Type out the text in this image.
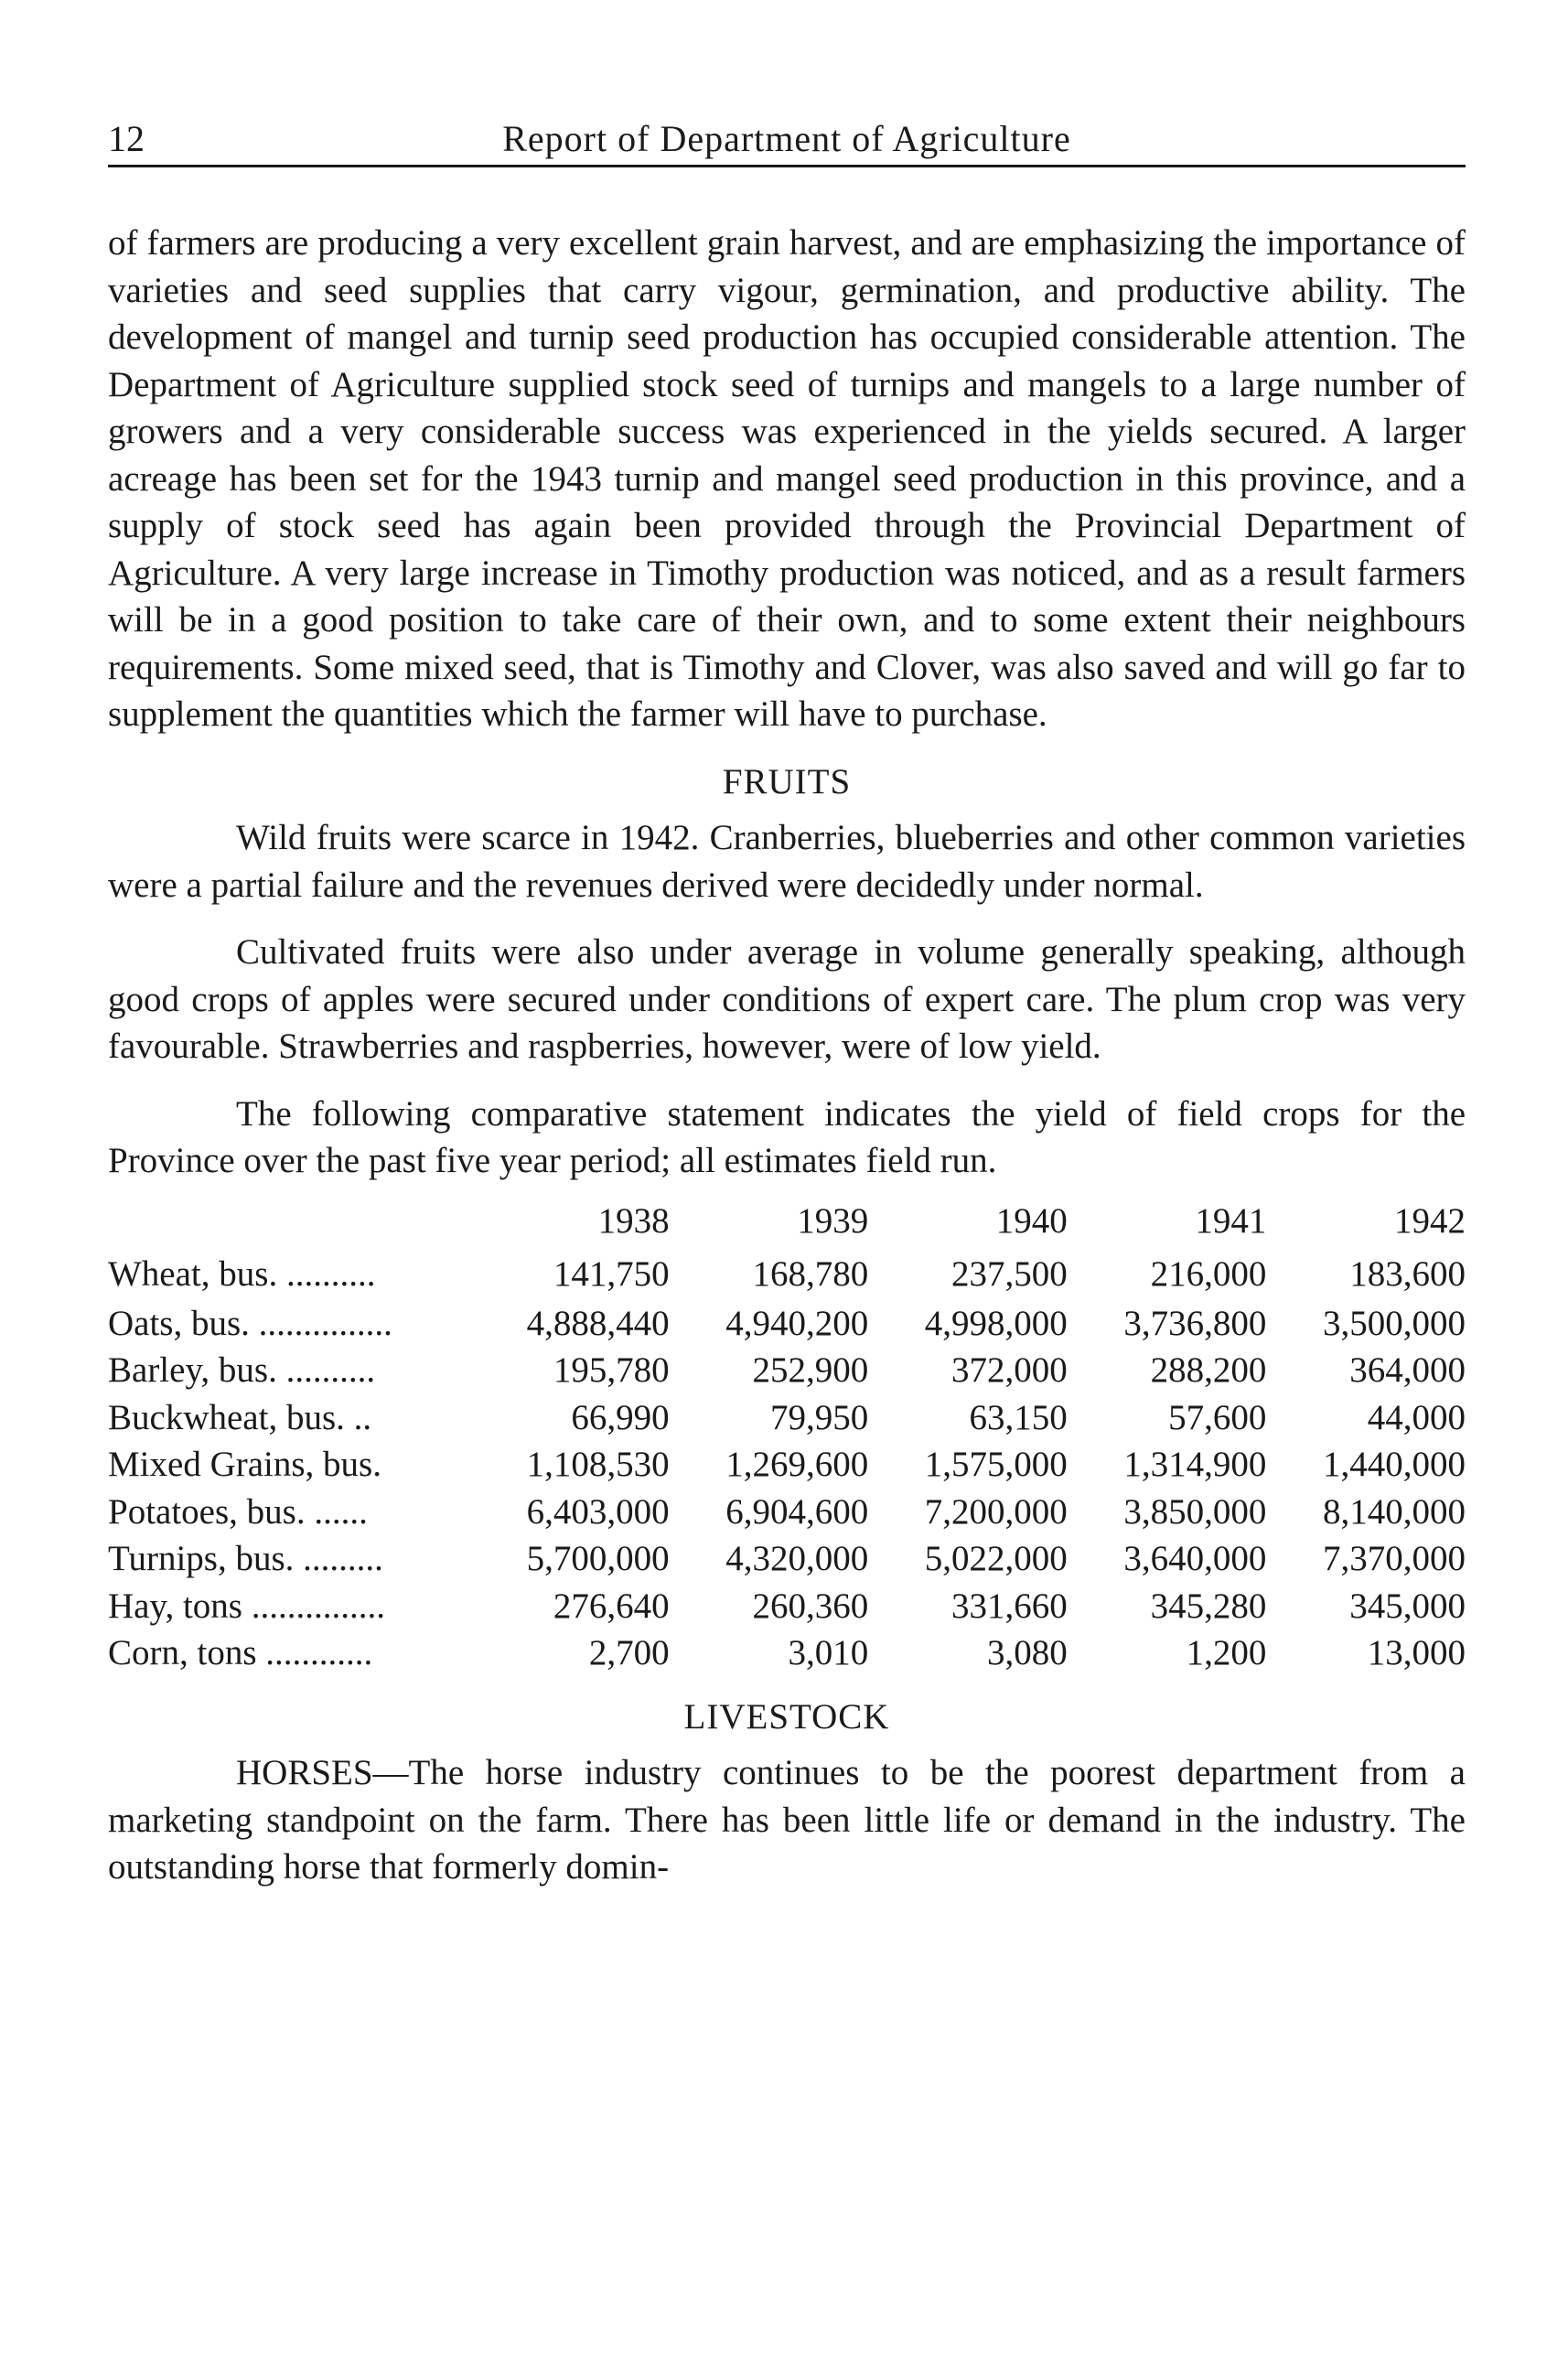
12	Report of Department of Agriculture

of farmers are producing a very excellent grain harvest, and are emphasizing the importance of varieties and seed supplies that carry vigour, germination, and productive ability. The development of mangel and turnip seed production has occupied considerable attention. The Department of Agriculture supplied stock seed of turnips and mangels to a large number of growers and a very considerable success was experienced in the yields secured. A larger acreage has been set for the 1943 turnip and mangel seed production in this province, and a supply of stock seed has again been provided through the Provincial Department of Agriculture. A very large increase in Timothy production was noticed, and as a result farmers will be in a good position to take care of their own, and to some extent their neighbours requirements. Some mixed seed, that is Timothy and Clover, was also saved and will go far to supplement the quantities which the farmer will have to purchase.

FRUITS

Wild fruits were scarce in 1942. Cranberries, blueberries and other common varieties were a partial failure and the revenues derived were decidedly under normal.

Cultivated fruits were also under average in volume generally speaking, although good crops of apples were secured under conditions of expert care. The plum crop was very favourable. Strawberries and raspberries, however, were of low yield.

The following comparative statement indicates the yield of field crops for the Province over the past five year period; all estimates field run.

	1938	1939	1940	1941	1942
Wheat, bus. ..........	141,750	168,780	237,500	216,000	183,600
Oats, bus. ...............	4,888,440	4,940,200	4,998,000	3,736,800	3,500,000
Barley, bus. ..........	195,780	252,900	372,000	288,200	364,000
Buckwheat, bus. ..	66,990	79,950	63,150	57,600	44,000
Mixed Grains, bus.	1,108,530	1,269,600	1,575,000	1,314,900	1,440,000
Potatoes, bus. ......	6,403,000	6,904,600	7,200,000	3,850,000	8,140,000
Turnips, bus. .........	5,700,000	4,320,000	5,022,000	3,640,000	7,370,000
Hay, tons ...............	276,640	260,360	331,660	345,280	345,000
Corn, tons ............	2,700	3,010	3,080	1,200	13,000
LIVESTOCK

HORSES—The horse industry continues to be the poorest department from a marketing standpoint on the farm. There has been little life or demand in the industry. The outstanding horse that formerly domin-
